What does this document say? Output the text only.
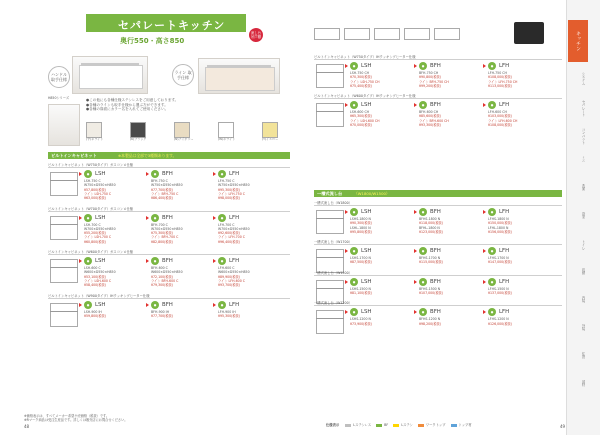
セパレートキッチン
奥行550・高さ850
流し台 吊戸棚
ハンドル 取手仕様
ライン 取手仕様
H850シリーズ	●この他にも各種仕様ステンレスをご用意しております。
●各種のラインも取手仕様から選ぶ方ができます。
●各種の扉面にカラー名を入れてご使用ください。
(サ)ホワイト	(K)ブラック	(N)アイボリー	(W)ホワイト	(Y)イエロー
ビルトインキャビネット	※本製品は全部で3種類あります。
ビルトインキャビネット（W750タイプ）ガスコンロ仕様
●	LSH
LSH-750 C
W750×D550×H850
¥57,800(税抜)
ライン LSH-750 C
¥63,000(税抜)
●	BFH
BFH-750 C
W750×D550×H850
¥77,700(税抜)
ライン BFH-750 C
¥86,400(税抜)
●	LFH
LFH-750 C
W750×D550×H850
¥95,300(税抜)
ライン LFH-750 C
¥98,000(税抜)
ビルトインキャビネット（W700タイプ）ガスコンロ仕様
●	LSH
LSH-700 C
W700×D550×H850
¥55,200(税抜)
ライン LSH-700 C
¥60,800(税抜)
●	BFH
BFH-700 C
W700×D550×H850
¥75,300(税抜)
ライン BFH-700 C
¥82,800(税抜)
●	LFH
LFH-700 C
W700×D550×H850
¥92,600(税抜)
ライン LFH-700 C
¥96,400(税抜)
ビルトインキャビネット（W600タイプ）ガスコンロ仕様
●	LSH
LSH-600 C
W600×D550×H850
¥53,100(税抜)
ライン LSH-600 C
¥58,400(税抜)
●	BFH
BFH-600 C
W600×D550×H850
¥72,100(税抜)
ライン BFH-600 C
¥79,300(税抜)
●	LFH
LFH-600 C
W600×D550×H850
¥89,900(税抜)
ライン LFH-600 C
¥93,700(税抜)
ビルトインキャビネット（W900タイプ）IHクッキングヒーター仕様
●	LSH
LSH-900 IH
¥59,800(税抜)
●	BFH
BFH-900 IH
¥77,700(税抜)
●	LFH
LFH-900 IH
¥95,300(税抜)
ビルトインキャビネット（W750タイプ）IHクッキングヒーター仕様
●	LSH
LSH-750 CH
¥70,300(税抜)
ライン LSH-750 CH
¥75,400(税抜)
●	BFH
BFH-750 CH
¥90,800(税抜)
ライン BFH-750 CH
¥99,200(税抜)
●	LFH
LFH-750 CH
¥108,000(税抜)
ライン LFH-750 CH
¥113,000(税抜)
ビルトインキャビネット（W600タイプ）IHクッキングヒーター仕様
●	LSH
LSH-600 CH
¥65,300(税抜)
ライン LSH-600 CH
¥70,000(税抜)
●	BFH
BFH-600 CH
¥85,600(税抜)
ライン BFH-600 CH
¥93,300(税抜)
●	LFH
LFH-600 CH
¥103,000(税抜)
ライン LFH-600 CH
¥108,000(税抜)
一槽式流し台	（W1800/W1500）
一槽式流し台（W1800）
●	LSH
LSHS-1800 N
¥90,300(税抜)
LSHL-1800 N
¥95,800(税抜)
●	BFH
BFHS-1800 N
¥118,000(税抜)
BFHL-1800 N
¥123,000(税抜)
●	LFH
LFHS-1800 N
¥150,000(税抜)
LFHL-1800 N
¥156,000(税抜)
一槽式流し台（W1700）
●	LSH
LSHS-1700 N
¥87,500(税抜)
●	BFH
BFHS-1700 N
¥115,000(税抜)
●	LFH
LFHS-1700 N
¥147,000(税抜)
一槽式流し台（W1500）
●	LSH
LSHS-1500 N
¥81,100(税抜)
●	BFH
BFHS-1500 N
¥107,000(税抜)
●	LFH
LFHS-1500 N
¥137,000(税抜)
一槽式流し台（W1200）
●	LSH
LSHS-1200 N
¥73,900(税抜)
●	BFH
BFHS-1200 N
¥98,200(税抜)
●	LFH
LFHS-1200 N
¥126,000(税抜)
仕様表示	Lステンレス	BF	Lステン	ワークトップ	トップ材
※価格表示は、すべてメーカー希望小売価格（税抜）です。
※Rマーク商品は受注生産品です。詳しくは販売店にお問合せください。
48	49
キッチン
システム
セパレート
コンパクト
ミニ
洗面
浴室
トイレ
収納
内装
外装
住設
部材
